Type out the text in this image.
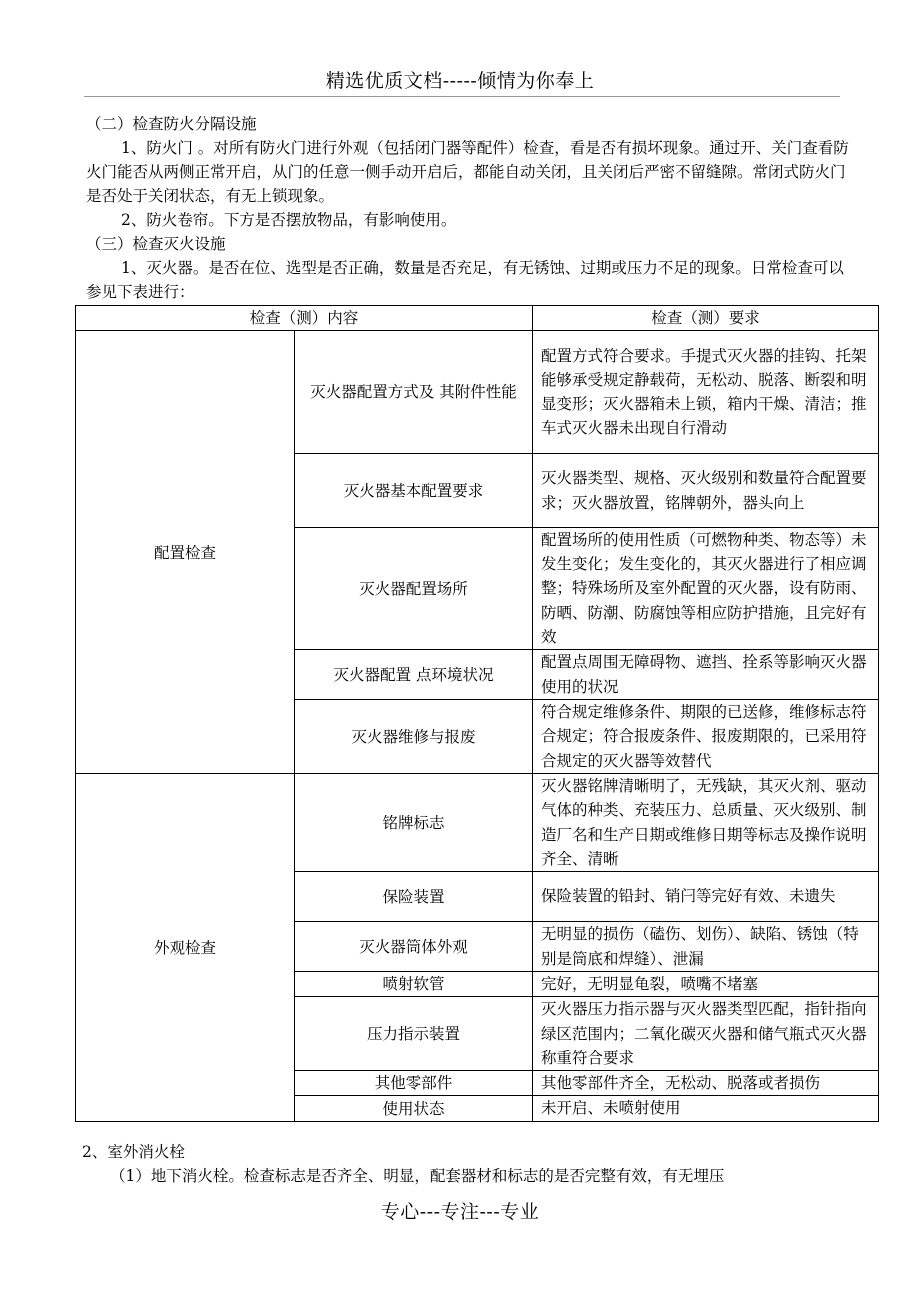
精选优质文档-----倾情为你奉上

（二）检查防火分隔设施

1、防火门 。对所有防火门进行外观（包括闭门器等配件）检查，看是否有损坏现象。通过开、关门查看防火门能否从两侧正常开启，从门的任意一侧手动开启后，都能自动关闭，且关闭后严密不留缝隙。常闭式防火门是否处于关闭状态，有无上锁现象。

2、防火卷帘。下方是否摆放物品，有影响使用。

（三）检查灭火设施

1、灭火器。是否在位、选型是否正确，数量是否充足，有无锈蚀、过期或压力不足的现象。日常检查可以参见下表进行：

检查（测）内容		检查（测）要求
配置检查	灭火器配置方式及 其附件性能	配置方式符合要求。手提式灭火器的挂钩、托架能够承受规定静载荷，无松动、脱落、断裂和明显变形；灭火器箱未上锁，箱内干燥、清洁；推车式灭火器未出现自行滑动
	灭火器基本配置要求	灭火器类型、规格、灭火级别和数量符合配置要求；灭火器放置，铭牌朝外，器头向上
	灭火器配置场所	配置场所的使用性质（可燃物种类、物态等）未发生变化；发生变化的，其灭火器进行了相应调整；特殊场所及室外配置的灭火器，设有防雨、防晒、防潮、防腐蚀等相应防护措施，且完好有效
	灭火器配置 点环境状况	配置点周围无障碍物、遮挡、拴系等影响灭火器使用的状况
	灭火器维修与报废	符合规定维修条件、期限的已送修，维修标志符合规定；符合报废条件、报废期限的，已采用符合规定的灭火器等效替代
外观检查	铭牌标志	灭火器铭牌清晰明了，无残缺，其灭火剂、驱动气体的种类、充装压力、总质量、灭火级别、制造厂名和生产日期或维修日期等标志及操作说明齐全、清晰
	保险装置	保险装置的铅封、销闩等完好有效、未遗失
	灭火器筒体外观	无明显的损伤（磕伤、划伤）、缺陷、锈蚀（特别是筒底和焊缝）、泄漏
	喷射软管	完好，无明显龟裂，喷嘴不堵塞
	压力指示装置	灭火器压力指示器与灭火器类型匹配，指针指向绿区范围内；二氧化碳灭火器和储气瓶式灭火器称重符合要求
	其他零部件	其他零部件齐全，无松动、脱落或者损伤
	使用状态	未开启、未喷射使用

2、室外消火栓

（1）地下消火栓。检查标志是否齐全、明显，配套器材和标志的是否完整有效，有无埋压

专心---专注---专业
